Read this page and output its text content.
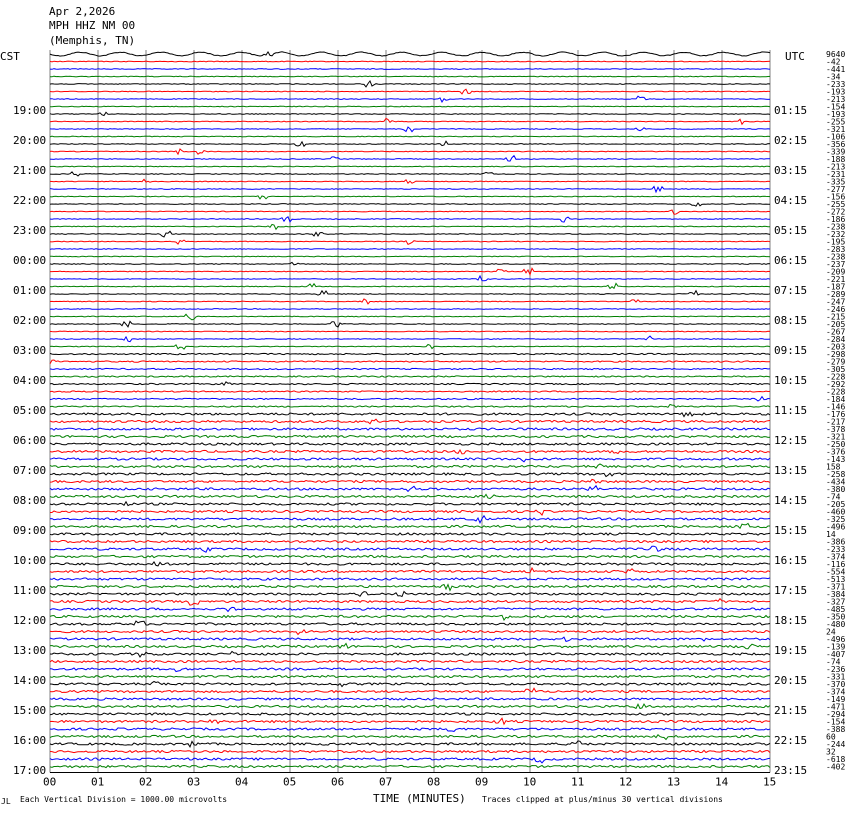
Apr 2,2026
MPH HHZ NM 00
(Memphis, TN)
00	01	02	03	04	05	06	07	08	09	10	11	12	13	14	15
19:00
20:00
21:00
22:00
23:00
00:00
01:00
02:00
03:00
04:00
05:00
06:00
07:00
08:00
09:00
10:00
11:00
12:00
13:00
14:00
15:00
16:00
17:00
01:15
02:15
03:15
04:15
05:15
06:15
07:15
08:15
09:15
10:15
11:15
12:15
13:15
14:15
15:15
16:15
17:15
18:15
19:15
20:15
21:15
22:15
23:15
9640
-42
-441
-34
-233
-193
-213
-154
-193
-255
-321
-106
-356
-339
-188
-213
-231
-335
-277
-156
-255
-272
-186
-238
-232
-195
-283
-238
-237
-209
-221
-187
-289
-247
-246
-215
-205
-267
-284
-203
-298
-279
-305
-228
-292
-228
-184
-146
-176
-217
-378
-321
-250
-376
-143
158
-258
-434
-380
-74
-205
-460
-325
-496
14
-386
-233
-374
-116
-554
-513
-371
-384
-327
-485
-350
-480
24
-496
-139
-407
-74
-236
-331
-370
-374
-149
-471
-294
-154
-388
60
-244
32
-618
-402
CST	UTC
TIME (MINUTES)
JL Each Vertical Division = 1000.00 microvolts	Traces clipped at plus/minus 30 vertical divisions
